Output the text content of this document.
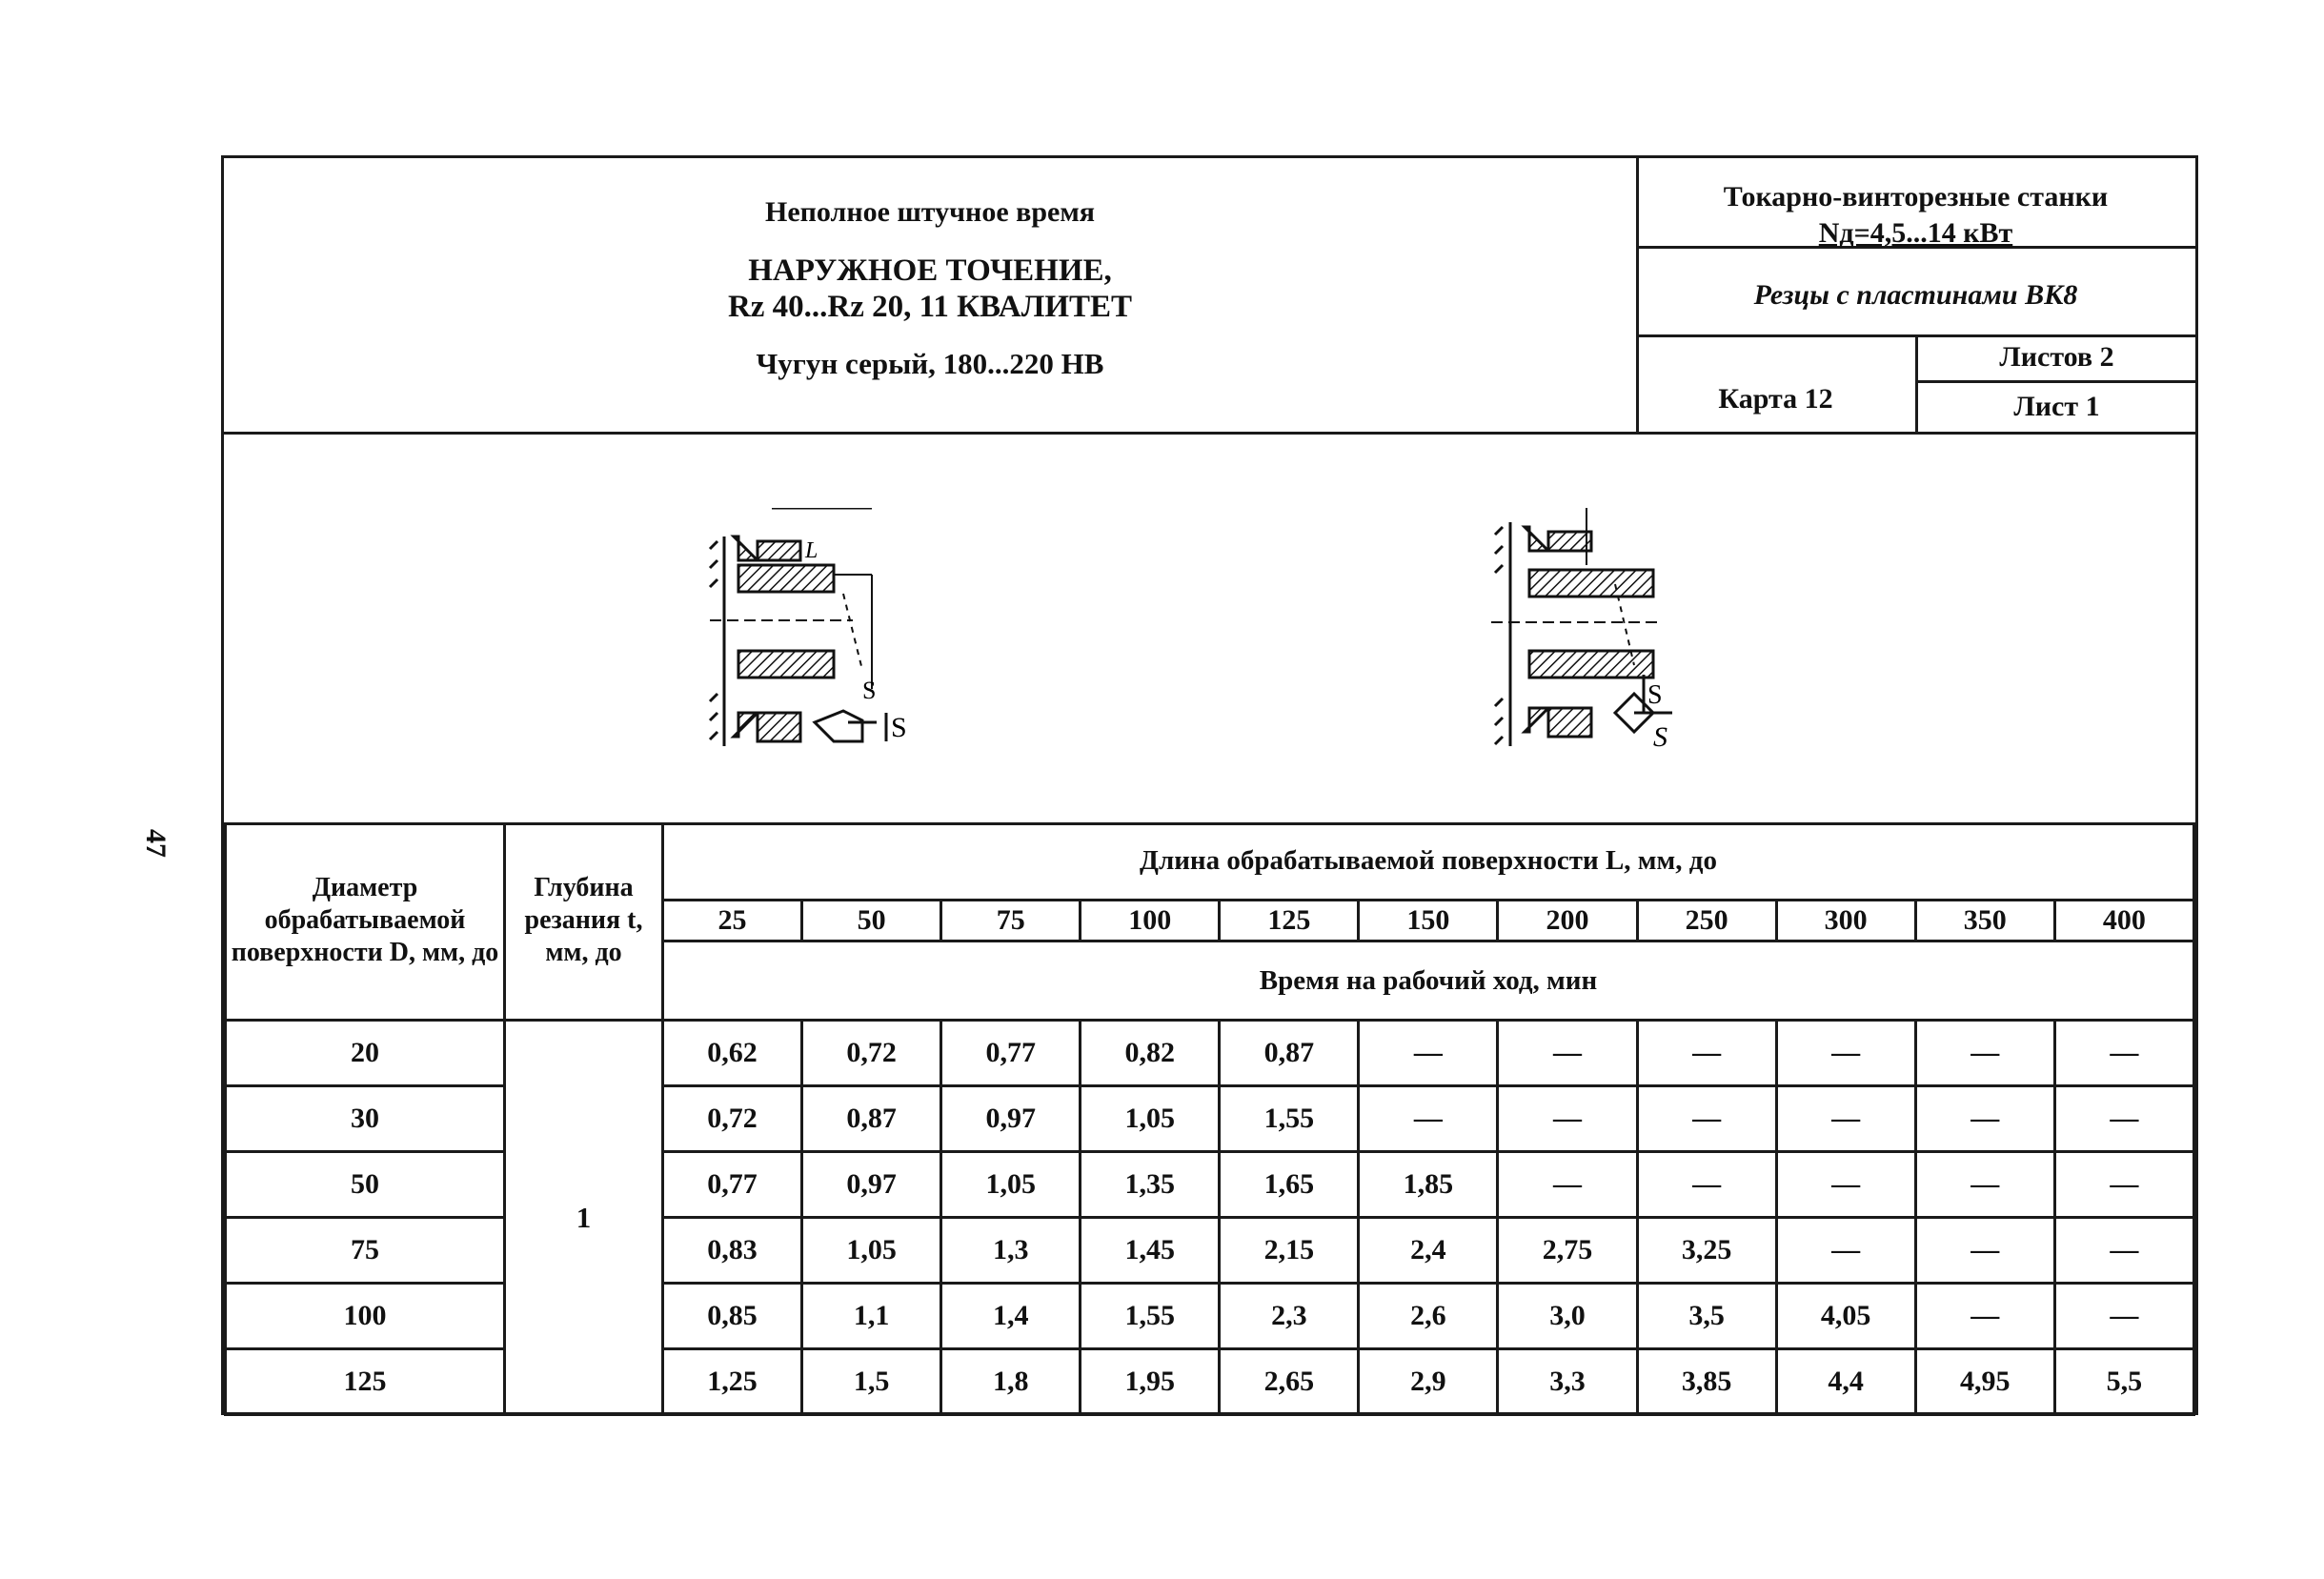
47
Неполное штучное время
НАРУЖНОЕ ТОЧЕНИЕ,
Rz 40...Rz 20, 11 КВАЛИТЕТ
Чугун серый, 180...220 НВ
Токарно-винторезные станки
Nд=4,5...14 кВт
Резцы с пластинами ВК8
Карта 12
Листов 2
Лист 1
L
S
S
S
S
Диаметр обрабатываемой поверхности D, мм, до	Глубина резания t, мм, до	Длина обрабатываемой поверхности L, мм, до										
		25	50	75	100	125	150	200	250	300	350	400
		Время на рабочий ход, мин										
20	1	0,62	0,72	0,77	0,82	0,87	—	—	—	—	—	—
30		0,72	0,87	0,97	1,05	1,55	—	—	—	—	—	—
50		0,77	0,97	1,05	1,35	1,65	1,85	—	—	—	—	—
75		0,83	1,05	1,3	1,45	2,15	2,4	2,75	3,25	—	—	—
100		0,85	1,1	1,4	1,55	2,3	2,6	3,0	3,5	4,05	—	—
125		1,25	1,5	1,8	1,95	2,65	2,9	3,3	3,85	4,4	4,95	5,5
